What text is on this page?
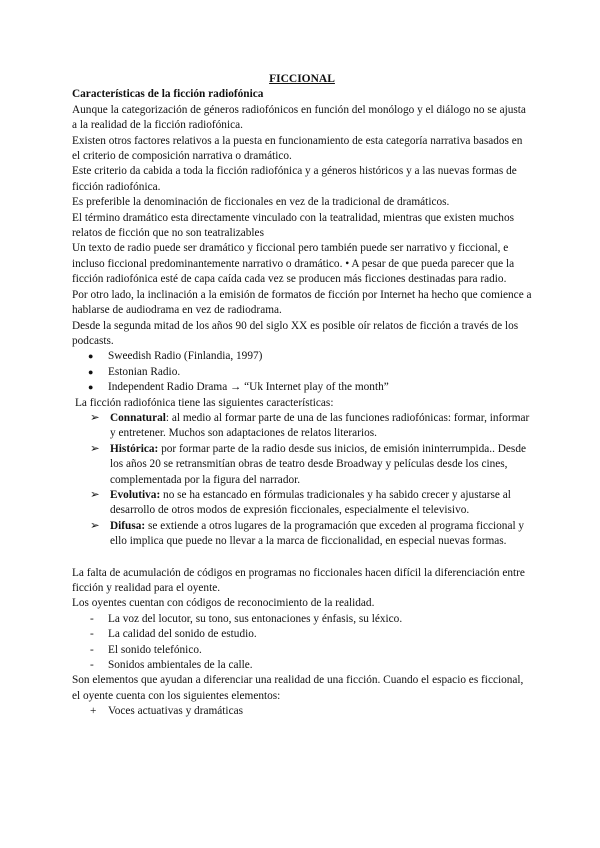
FICCIONAL

Características de la ficción radiofónica

Aunque la categorización de géneros radiofónicos en función del monólogo y el diálogo no se ajusta a la realidad de la ficción radiofónica.

Existen otros factores relativos a la puesta en funcionamiento de esta categoría narrativa basados en el criterio de composición narrativa o dramático.

Este criterio da cabida a toda la ficción radiofónica y a géneros históricos y a las nuevas formas de ficción radiofónica.

Es preferible la denominación de ficcionales en vez de la tradicional de dramáticos.

El término dramático esta directamente vinculado con la teatralidad, mientras que existen muchos relatos de ficción que no son teatralizables

Un texto de radio puede ser dramático y ficcional pero también puede ser narrativo y ficcional, e incluso ficcional predominantemente narrativo o dramático. • A pesar de que pueda parecer que la ficción radiofónica esté de capa caída cada vez se producen más ficciones destinadas para radio.

Por otro lado, la inclinación a la emisión de formatos de ficción por Internet ha hecho que comience a hablarse de audiodrama en vez de radiodrama.

Desde la segunda mitad de los años 90 del siglo XX es posible oír relatos de ficción a través de los podcasts.

● Sweedish Radio (Finlandia, 1997)
● Estonian Radio.
● Independent Radio Drama → “Uk Internet play of the month”

La ficción radiofónica tiene las siguientes características:

➢ Connatural: al medio al formar parte de una de las funciones radiofónicas: formar, informar y entretener. Muchos son adaptaciones de relatos literarios.
➢ Histórica: por formar parte de la radio desde sus inicios, de emisión ininterrumpida.. Desde los años 20 se retransmitían obras de teatro desde Broadway y películas desde los cines, complementada por la figura del narrador.
➢ Evolutiva: no se ha estancado en fórmulas tradicionales y ha sabido crecer y ajustarse al desarrollo de otros modos de expresión ficcionales, especialmente el televisivo.
➢ Difusa: se extiende a otros lugares de la programación que exceden al programa ficcional y ello implica que puede no llevar a la marca de ficcionalidad, en especial nuevas formas.

La falta de acumulación de códigos en programas no ficcionales hacen difícil la diferenciación entre ficción y realidad para el oyente.

Los oyentes cuentan con códigos de reconocimiento de la realidad.

- La voz del locutor, su tono, sus entonaciones y énfasis, su léxico.
- La calidad del sonido de estudio.
- El sonido telefónico.
- Sonidos ambientales de la calle.

Son elementos que ayudan a diferenciar una realidad de una ficción. Cuando el espacio es ficcional, el oyente cuenta con los siguientes elementos:

+ Voces actuativas y dramáticas
